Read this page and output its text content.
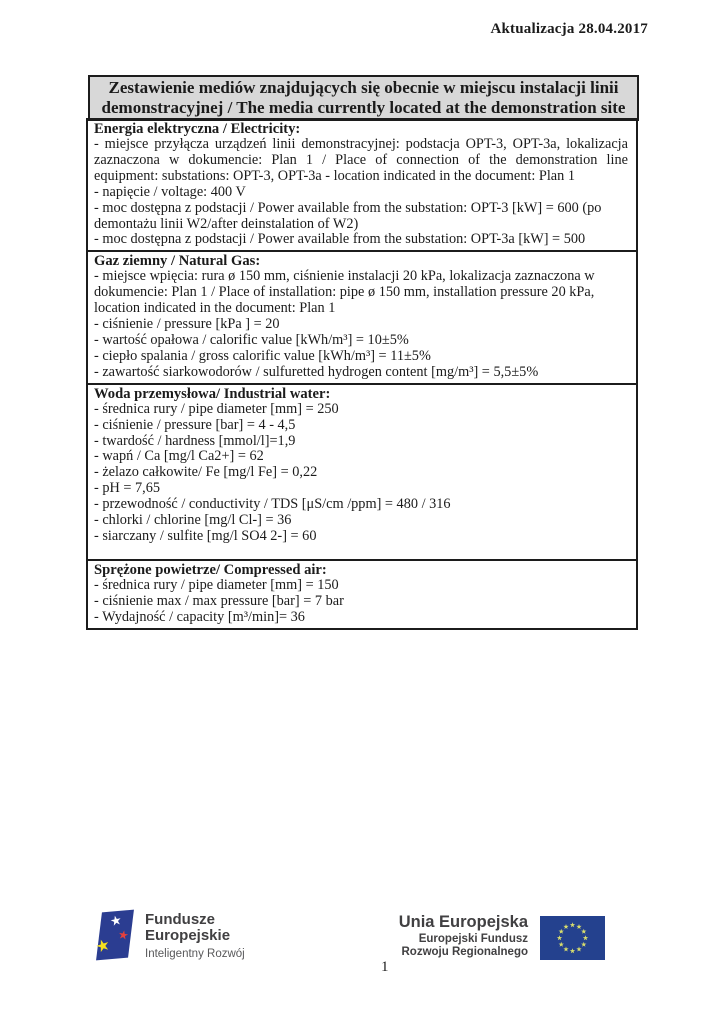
Aktualizacja 28.04.2017
Zestawienie mediów znajdujących się obecnie w miejscu instalacji linii
demonstracyjnej / The media currently located at the demonstration site
Energia elektryczna / Electricity:

- miejsce przyłącza urządzeń linii demonstracyjnej: podstacja OPT-3, OPT-3a, lokalizacja zaznaczona w dokumencie: Plan 1 / Place of connection of the demonstration line equipment: substations: OPT-3, OPT-3a - location indicated in the document: Plan 1

- napięcie / voltage: 400 V

- moc dostępna z podstacji / Power available from the substation: OPT-3 [kW] = 600 (po demontażu linii W2/after deinstalation of W2)

- moc dostępna z podstacji / Power available from the substation: OPT-3a [kW] = 500

Gaz ziemny / Natural Gas:

- miejsce wpięcia: rura ø 150 mm, ciśnienie instalacji 20 kPa, lokalizacja zaznaczona w dokumencie: Plan 1 / Place of installation: pipe ø 150 mm, installation pressure 20 kPa, location indicated in the document: Plan 1

- ciśnienie / pressure [kPa ] = 20

- wartość opałowa / calorific value [kWh/m³] = 10±5%

- ciepło spalania / gross calorific value [kWh/m³] = 11±5%

- zawartość siarkowodorów / sulfuretted hydrogen content [mg/m³] = 5,5±5%

Woda przemysłowa/ Industrial water:

- średnica rury / pipe diameter [mm] = 250

- ciśnienie / pressure [bar] = 4 - 4,5

- twardość / hardness [mmol/l]=1,9

- wapń / Ca [mg/l Ca2+] = 62

- żelazo całkowite/ Fe [mg/l Fe] = 0,22

- pH = 7,65

- przewodność / conductivity / TDS [μS/cm /ppm] = 480 / 316

- chlorki / chlorine [mg/l Cl-] = 36

- siarczany / sulfite [mg/l SO4 2-] = 60

Sprężone powietrze/ Compressed air:

- średnica rury / pipe diameter [mm] = 150

- ciśnienie max / max pressure [bar] = 7 bar

- Wydajność / capacity [m³/min]= 36

★
★
★
Fundusze
Europejskie
Inteligentny Rozwój
Unia Europejska
Europejski Fundusz
Rozwoju Regionalnego
1
